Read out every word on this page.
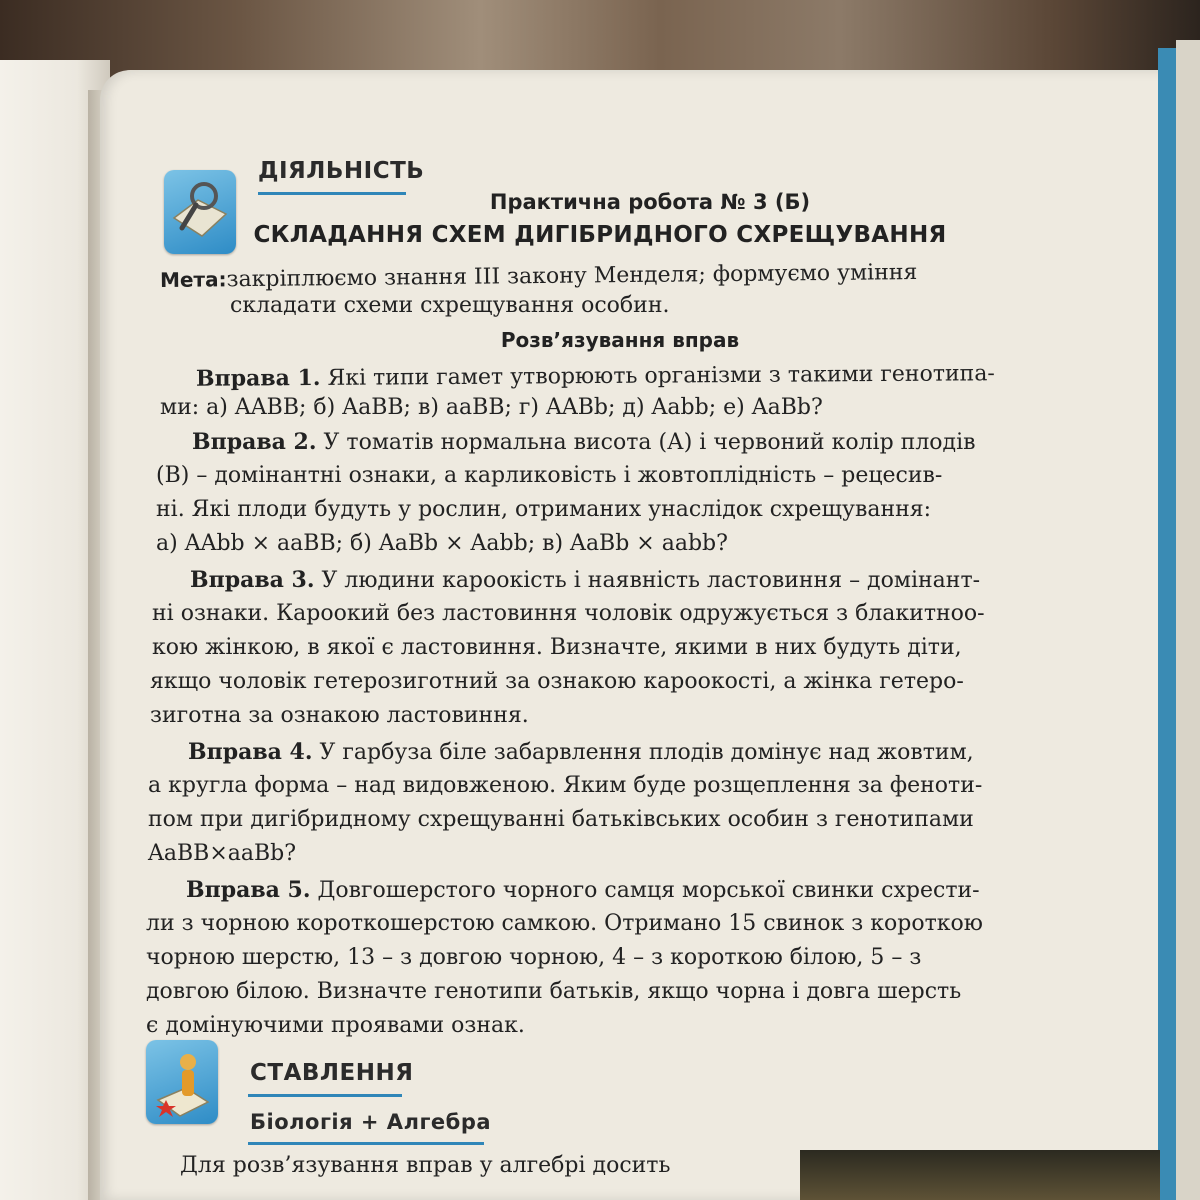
ДІЯЛЬНІСТЬ
Практична робота № 3 (Б)
СКЛАДАННЯ СХЕМ ДИГІБРИДНОГО СХРЕЩУВАННЯ
Мета:закріплюємо знання III закону Менделя; формуємо уміння
складати схеми схрещування особин.
Розв’язування вправ
Вправа 1. Які типи гамет утворюють організми з такими генотипа-
ми: а) AABB; б) AaBB; в) aaBB; г) AABb; д) Aabb; е) AaBb?
Вправа 2. У томатів нормальна висота (А) і червоний колір плодів
(В) – домінантні ознаки, а карликовість і жовтоплідність – рецесив-
ні. Які плоди будуть у рослин, отриманих унаслідок схрещування:
а) AAbb × aaBB; б) AaBb × Aabb; в) AaBb × aabb?
Вправа 3. У людини кароокість і наявність ластовиння – домінант-
ні ознаки. Кароокий без ластовиння чоловік одружується з блакитноо-
кою жінкою, в якої є ластовиння. Визначте, якими в них будуть діти,
якщо чоловік гетерозиготний за ознакою кароокості, а жінка гетеро-
зиготна за ознакою ластовиння.
Вправа 4. У гарбуза біле забарвлення плодів домінує над жовтим,
а кругла форма – над видовженою. Яким буде розщеплення за феноти-
пом при дигібридному схрещуванні батьківських особин з генотипами
AaBB×aaBb?
Вправа 5. Довгошерстого чорного самця морської свинки схрести-
ли з чорною короткошерстою самкою. Отримано 15 свинок з короткою
чорною шерстю, 13 – з довгою чорною, 4 – з короткою білою, 5 – з
довгою білою. Визначте генотипи батьків, якщо чорна і довга шерсть
є домінуючими проявами ознак.
СТАВЛЕННЯ
Біологія + Алгебра
Для розв’язування вправ у алгебрі досить
